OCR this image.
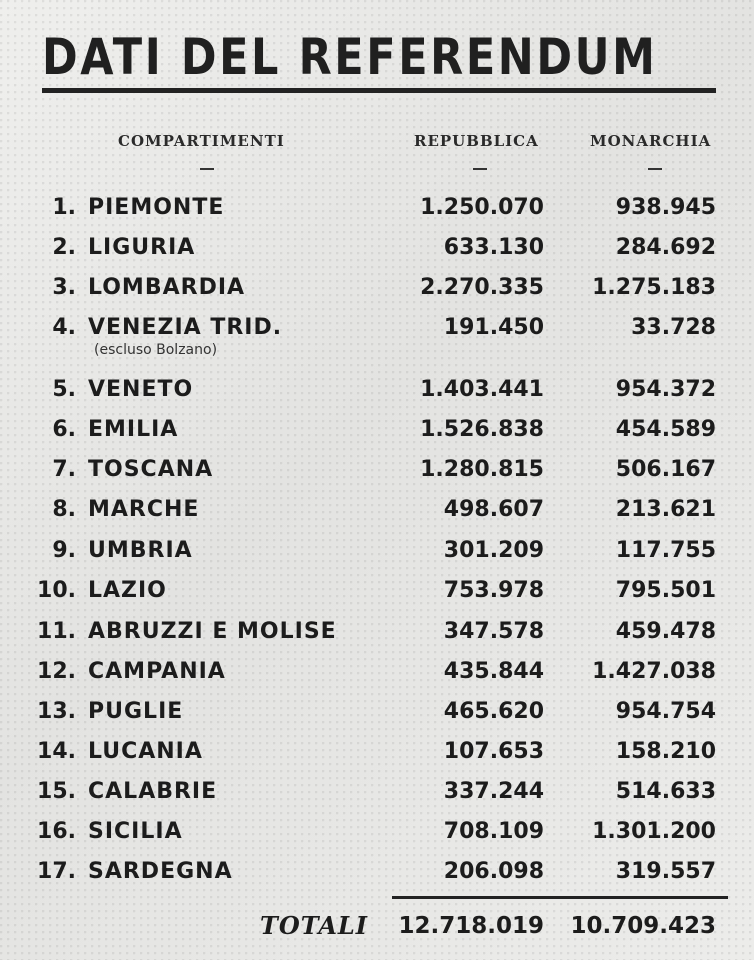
DATI DEL REFERENDUM
COMPARTIMENTI	REPUBBLICA	MONARCHIA
1. PIEMONTE	1.250.070	938.945
2. LIGURIA	633.130	284.692
3. LOMBARDIA	2.270.335 1.275.183
4. VENEZIA TRID.	191.450	33.728
(escluso Bolzano)
5. VENETO	1.403.441	954.372
6. EMILIA	1.526.838	454.589
7. TOSCANA	1.280.815	506.167
8. MARCHE	498.607	213.621
9. UMBRIA	301.209	117.755
10. LAZIO	753.978	795.501
11. ABRUZZI E MOLISE	347.578	459.478
12. CAMPANIA	435.844 1.427.038
13. PUGLIE	465.620	954.754
14. LUCANIA	107.653	158.210
15. CALABRIE	337.244	514.633
16. SICILIA	708.109 1.301.200
17. SARDEGNA	206.098	319.557
TOTALI 12.718.019 10.709.423
